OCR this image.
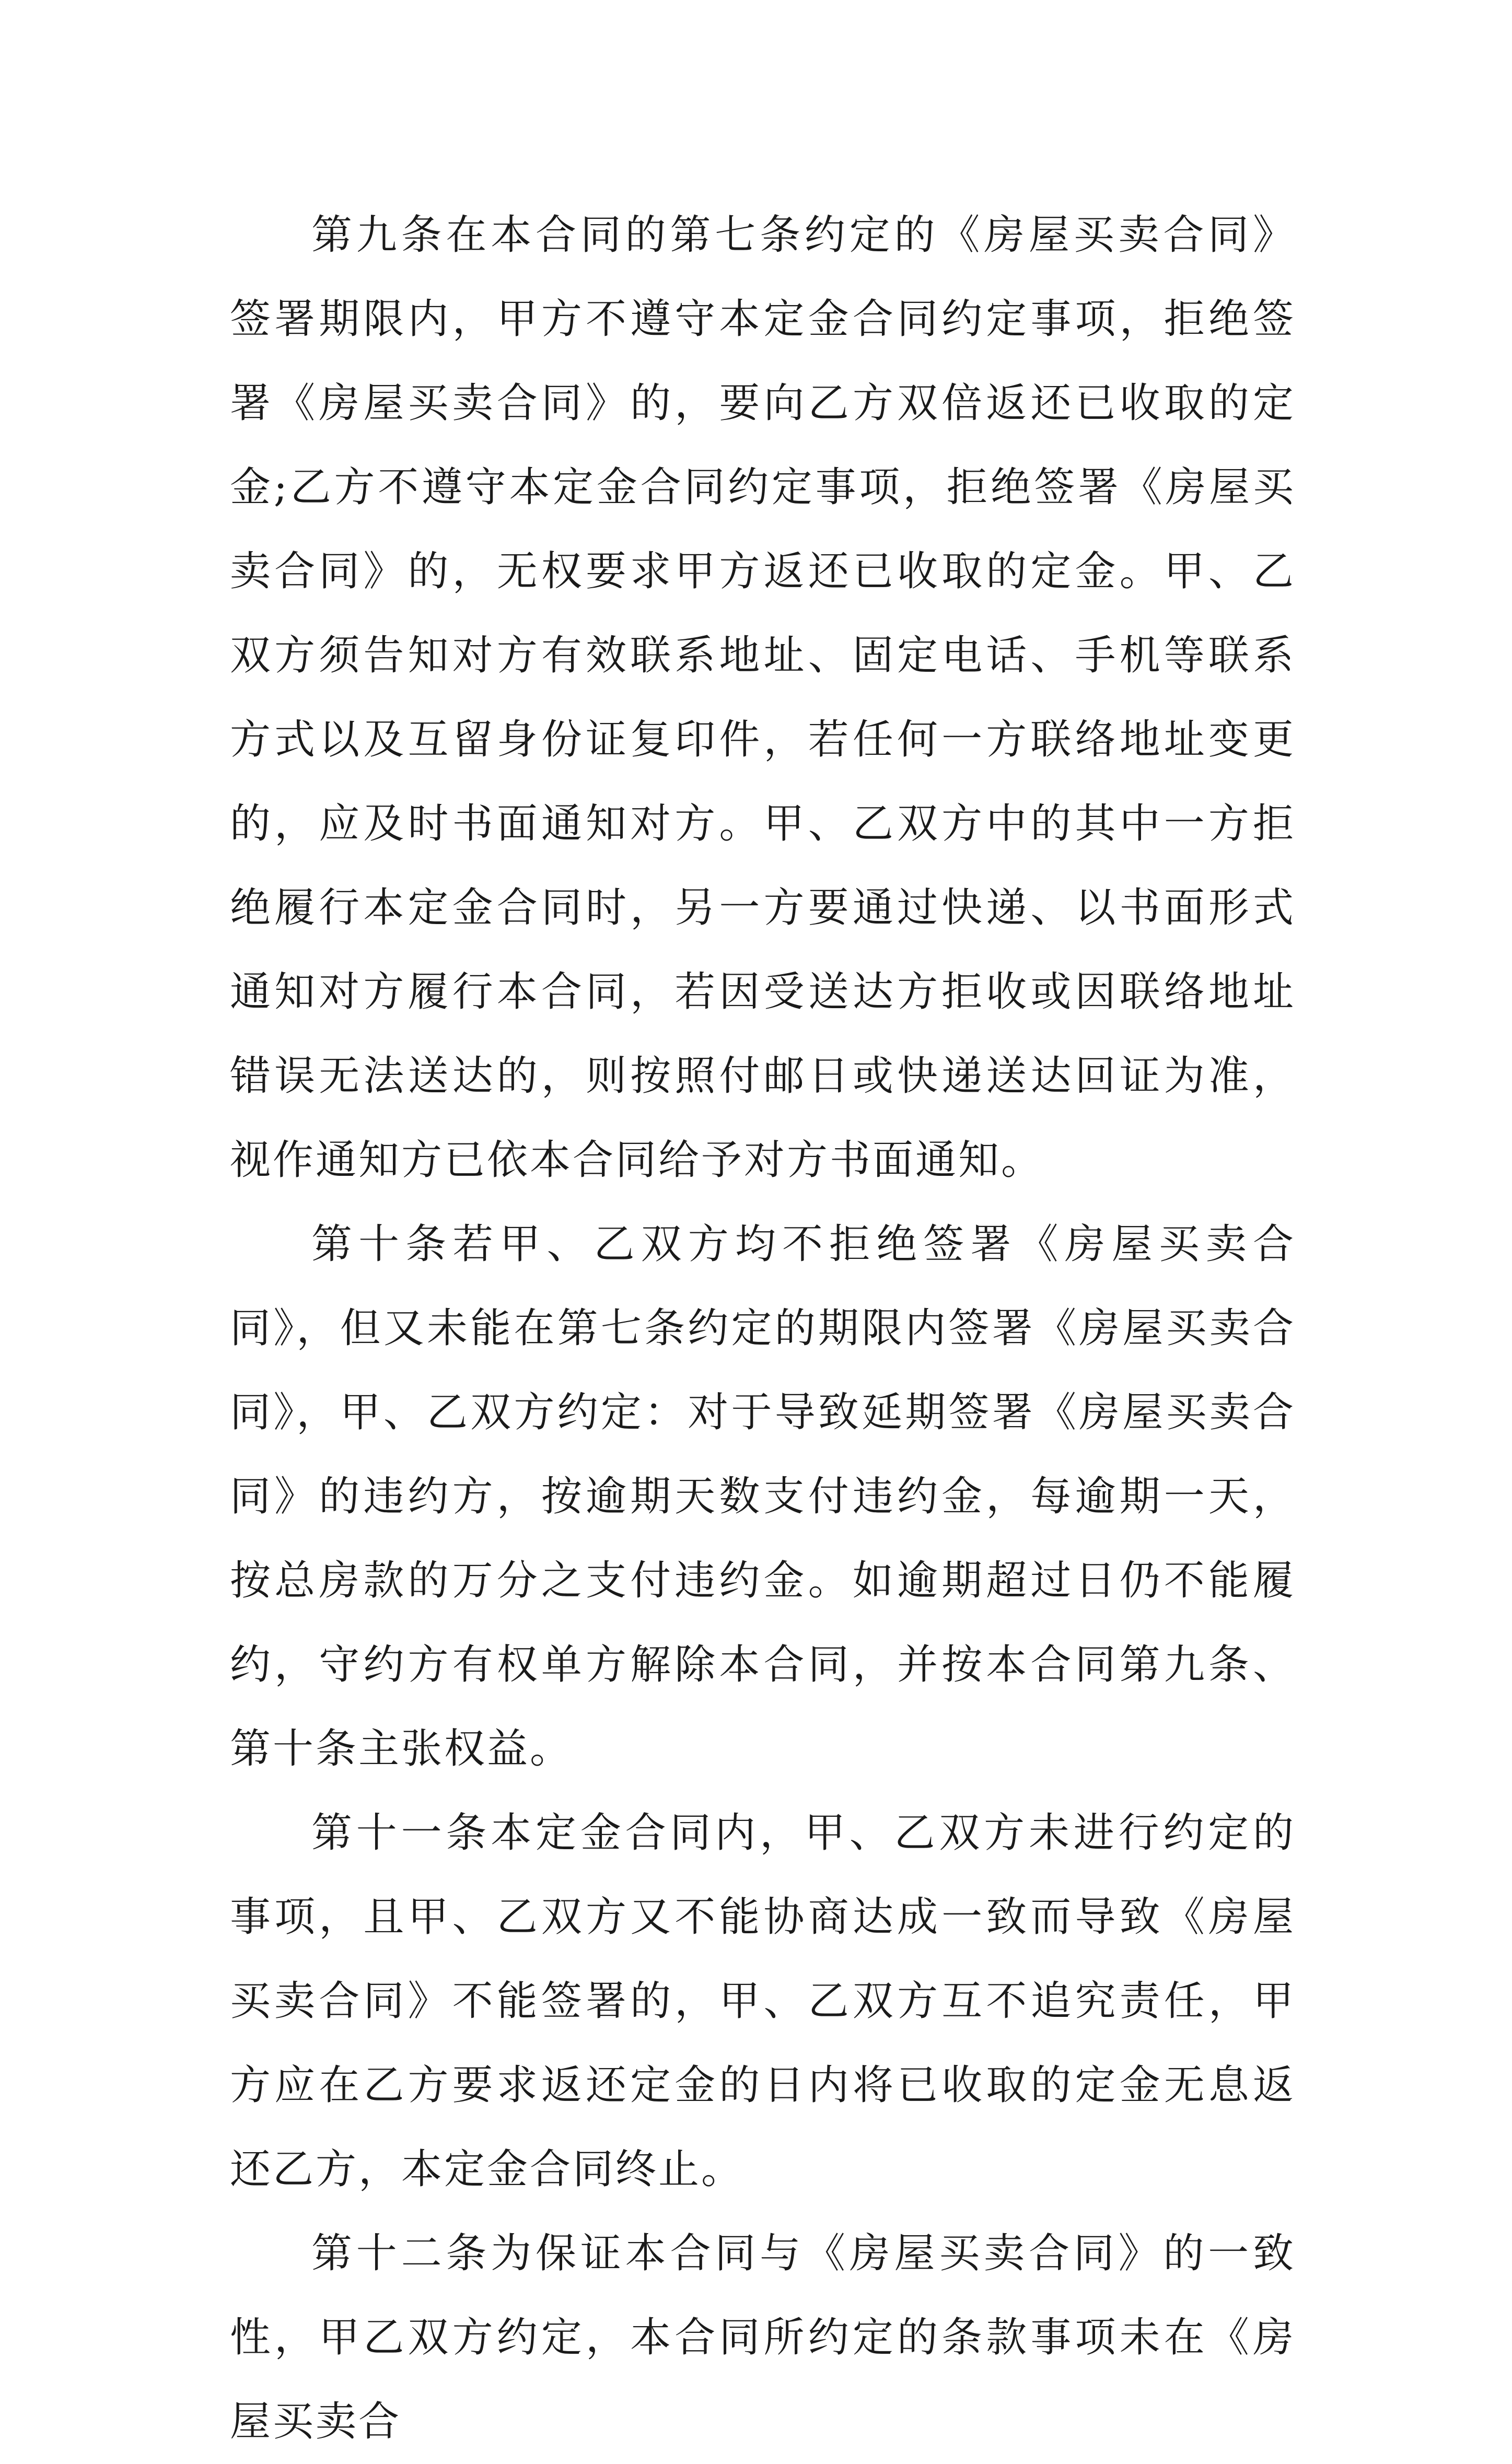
第九条在本合同的第七条约定的《房屋买卖合同》签署期限内，甲方不遵守本定金合同约定事项，拒绝签署《房屋买卖合同》的，要向乙方双倍返还已收取的定金;乙方不遵守本定金合同约定事项，拒绝签署《房屋买卖合同》的，无权要求甲方返还已收取的定金。甲、乙双方须告知对方有效联系地址、固定电话、手机等联系方式以及互留身份证复印件，若任何一方联络地址变更的，应及时书面通知对方。甲、乙双方中的其中一方拒绝履行本定金合同时，另一方要通过快递、以书面形式通知对方履行本合同，若因受送达方拒收或因联络地址错误无法送达的，则按照付邮日或快递送达回证为准，视作通知方已依本合同给予对方书面通知。

第十条若甲、乙双方均不拒绝签署《房屋买卖合同》，但又未能在第七条约定的期限内签署《房屋买卖合同》，甲、乙双方约定：对于导致延期签署《房屋买卖合同》的违约方，按逾期天数支付违约金，每逾期一天，按总房款的万分之支付违约金。如逾期超过日仍不能履约，守约方有权单方解除本合同，并按本合同第九条、第十条主张权益。

第十一条本定金合同内，甲、乙双方未进行约定的事项，且甲、乙双方又不能协商达成一致而导致《房屋买卖合同》不能签署的，甲、乙双方互不追究责任，甲方应在乙方要求返还定金的日内将已收取的定金无息返还乙方，本定金合同终止。

第十二条为保证本合同与《房屋买卖合同》的一致性，甲乙双方约定，本合同所约定的条款事项未在《房屋买卖合
